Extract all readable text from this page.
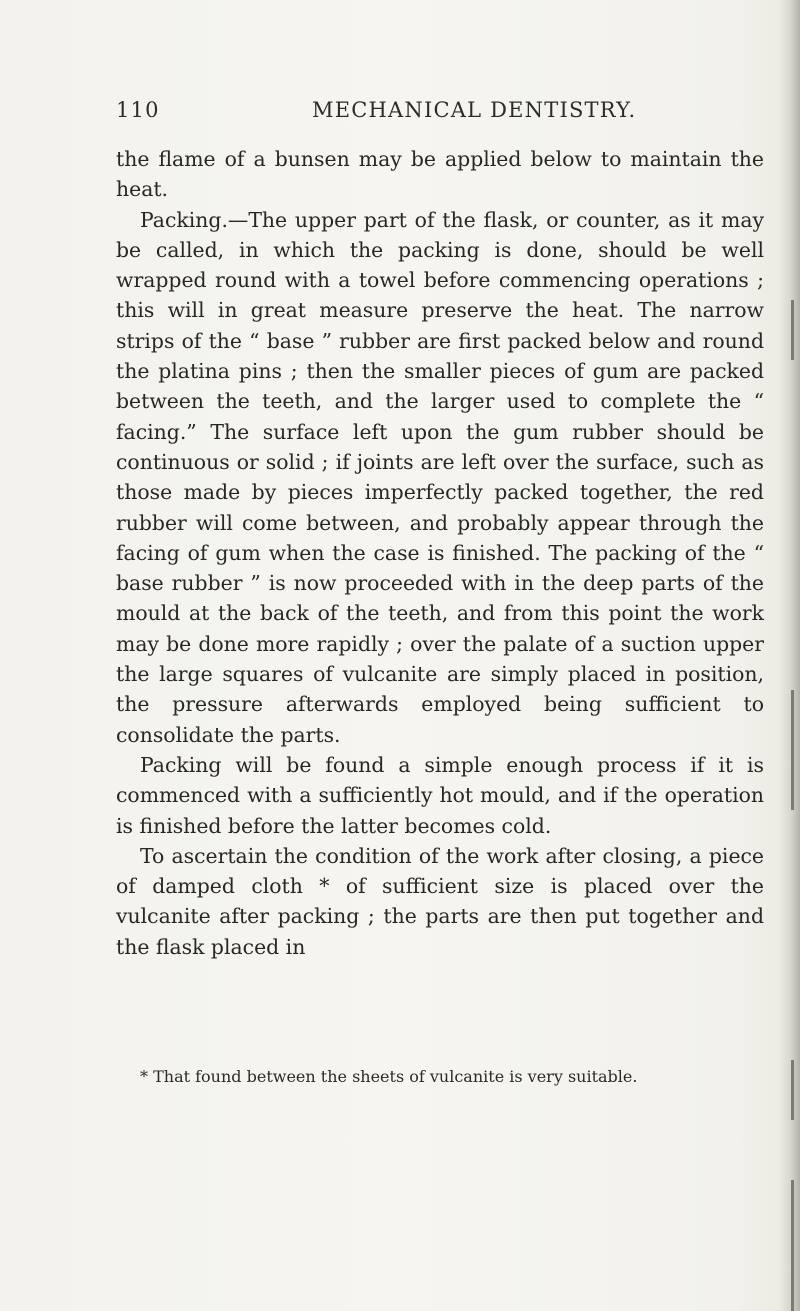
110	MECHANICAL DENTISTRY.

the flame of a bunsen may be applied below to maintain the heat.

Packing.—The upper part of the flask, or counter, as it may be called, in which the packing is done, should be well wrapped round with a towel before commencing operations ; this will in great measure preserve the heat. The narrow strips of the “ base ” rubber are first packed below and round the platina pins ; then the smaller pieces of gum are packed between the teeth, and the larger used to complete the “ facing.” The surface left upon the gum rubber should be continuous or solid ; if joints are left over the surface, such as those made by pieces imperfectly packed together, the red rubber will come between, and probably appear through the facing of gum when the case is finished. The packing of the “ base rubber ” is now proceeded with in the deep parts of the mould at the back of the teeth, and from this point the work may be done more rapidly ; over the palate of a suction upper the large squares of vulcanite are simply placed in position, the pressure afterwards employed being sufficient to consolidate the parts.

Packing will be found a simple enough process if it is commenced with a sufficiently hot mould, and if the operation is finished before the latter becomes cold.

To ascertain the condition of the work after closing, a piece of damped cloth * of sufficient size is placed over the vulcanite after packing ; the parts are then put together and the flask placed in

* That found between the sheets of vulcanite is very suitable.
